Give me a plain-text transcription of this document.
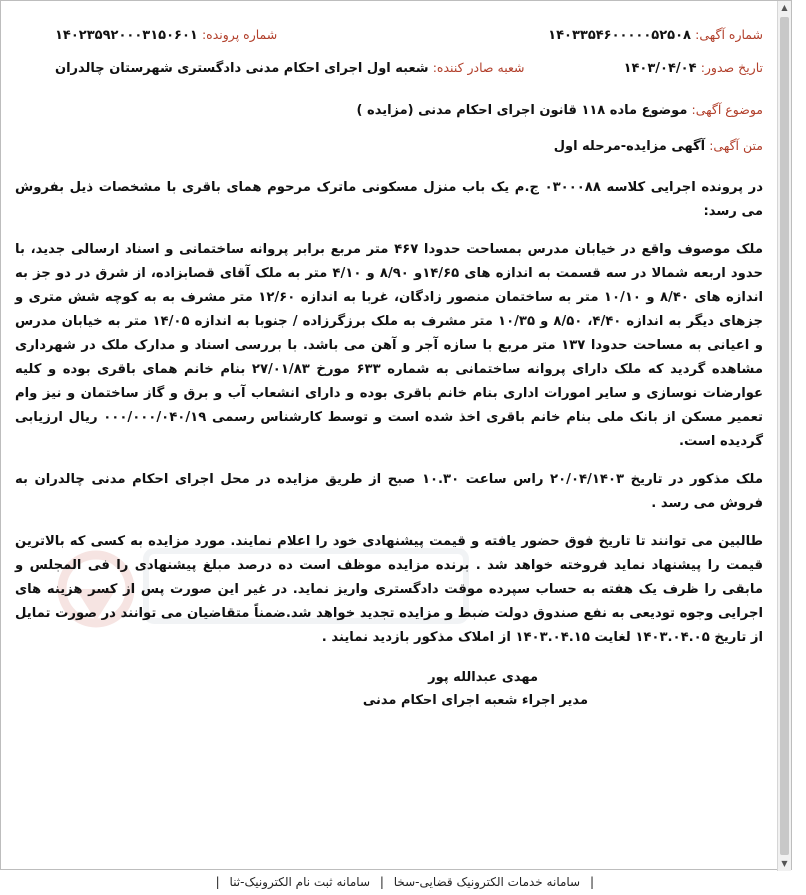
شماره آگهی: ۱۴۰۳۳۵۴۶۰۰۰۰۰۵۲۵۰۸
شماره پرونده: ۱۴۰۲۳۵۹۲۰۰۰۳۱۵۰۶۰۱
تاریخ صدور: ۱۴۰۳/۰۴/۰۴
شعبه صادر کننده: شعبه اول اجرای احکام مدنی دادگستری شهرستان چالدران
موضوع آگهی: موضوع ماده ۱۱۸ قانون اجرای احکام مدنی (مزایده )
متن آگهی: آگهی مزایده-مرحله اول

در پرونده اجرایی کلاسه ۰۳۰۰۰۸۸ ج.م یک باب منزل مسکونی ماترک مرحوم همای باقری با مشخصات ذیل بفروش می رسد:

ملک موصوف واقع در خیابان مدرس بمساحت حدودا ۴۶۷ متر مربع برابر پروانه ساختمانی و اسناد ارسالی جدید، با حدود اربعه شمالا در سه قسمت به اندازه های ۱۴/۶۵و ۸/۹۰ و ۴/۱۰ متر به ملک آقای قصابزاده، از شرق در دو جز به اندازه های ۸/۴۰ و ۱۰/۱۰ متر به ساختمان منصور زادگان، غربا به اندازه ۱۲/۶۰ متر مشرف به به کوچه شش متری و جزهای دیگر به اندازه ۴/۴۰، ۸/۵۰ و ۱۰/۳۵ متر مشرف به ملک برزگرزاده / جنوبا به اندازه ۱۴/۰۵ متر به خیابان مدرس و اعیانی به مساحت حدودا ۱۳۷ متر مربع با سازه آجر و آهن می باشد. با بررسی اسناد و مدارک ملک در شهرداری مشاهده گردید که ملک دارای پروانه ساختمانی به شماره ۶۳۳ مورخ ۲۷/۰۱/۸۳ بنام خانم همای باقری بوده و کلیه عوارضات نوسازی و سایر امورات اداری بنام خانم باقری بوده و دارای انشعاب آب و برق و گاز ساختمان و نیز وام تعمیر مسکن از بانک ملی بنام خانم باقری اخذ شده است و توسط کارشناس رسمی ۰۰۰/۰۰۰/۰۴۰/۱۹ ریال ارزیابی گردیده است.

ملک مذکور در تاریخ ۲۰/۰۴/۱۴۰۳ راس ساعت ۱۰.۳۰ صبح از طریق مزایده در محل اجرای احکام مدنی چالدران به فروش می رسد .

طالبین می توانند تا تاریخ فوق حضور یافته و قیمت پیشنهادی خود را اعلام نمایند. مورد مزایده به کسی که بالاترین قیمت را پیشنهاد نماید فروخته خواهد شد . برنده مزایده موظف است ده درصد مبلغ پیشنهادی را فی المجلس و مابقی را ظرف یک هفته به حساب سپرده موقت دادگستری واریز نماید. در غیر این صورت پس از کسر هزینه های اجرایی وجوه تودیعی به نفع صندوق دولت ضبط و مزایده تجدید خواهد شد.ضمناً متقاضیان می توانند در صورت تمایل از تاریخ ۱۴۰۳.۰۴.۰۵ لغایت ۱۴۰۳.۰۴.۱۵ از املاک مذکور بازدید نمایند .

مهدی عبدالله پور
مدیر اجراء شعبه اجرای احکام مدنی
▲
▼
| سامانه خدمات الکترونیک قضایی-سخا | سامانه ثبت نام الکترونیک-ثنا |
